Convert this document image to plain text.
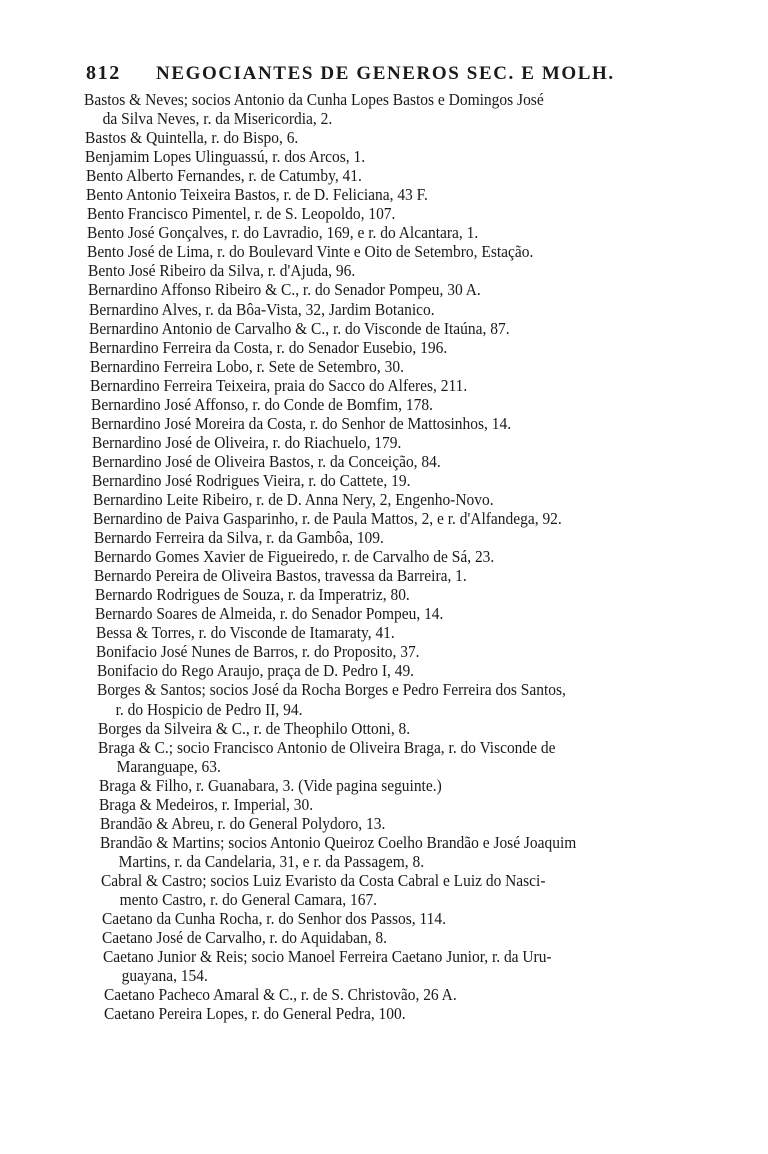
812 NEGOCIANTES DE GENEROS SEC. E MOLH.
Bastos & Neves; socios Antonio da Cunha Lopes Bastos e Domingos José

da Silva Neves, r. da Misericordia, 2.
Bastos & Quintella, r. do Bispo, 6.
Benjamim Lopes Ulinguassú, r. dos Arcos, 1.
Bento Alberto Fernandes, r. de Catumby, 41.
Bento Antonio Teixeira Bastos, r. de D. Feliciana, 43 F.
Bento Francisco Pimentel, r. de S. Leopoldo, 107.
Bento José Gonçalves, r. do Lavradio, 169, e r. do Alcantara, 1.
Bento José de Lima, r. do Boulevard Vinte e Oito de Setembro, Estação.
Bento José Ribeiro da Silva, r. d'Ajuda, 96.
Bernardino Affonso Ribeiro & C., r. do Senador Pompeu, 30 A.
Bernardino Alves, r. da Bôa-Vista, 32, Jardim Botanico.
Bernardino Antonio de Carvalho & C., r. do Visconde de Itaúna, 87.
Bernardino Ferreira da Costa, r. do Senador Eusebio, 196.
Bernardino Ferreira Lobo, r. Sete de Setembro, 30.
Bernardino Ferreira Teixeira, praia do Sacco do Alferes, 211.
Bernardino José Affonso, r. do Conde de Bomfim, 178.
Bernardino José Moreira da Costa, r. do Senhor de Mattosinhos, 14.
Bernardino José de Oliveira, r. do Riachuelo, 179.
Bernardino José de Oliveira Bastos, r. da Conceição, 84.
Bernardino José Rodrigues Vieira, r. do Cattete, 19.
Bernardino Leite Ribeiro, r. de D. Anna Nery, 2, Engenho-Novo.
Bernardino de Paiva Gasparinho, r. de Paula Mattos, 2, e r. d'Alfandega, 92.
Bernardo Ferreira da Silva, r. da Gambôa, 109.
Bernardo Gomes Xavier de Figueiredo, r. de Carvalho de Sá, 23.
Bernardo Pereira de Oliveira Bastos, travessa da Barreira, 1.
Bernardo Rodrigues de Souza, r. da Imperatriz, 80.
Bernardo Soares de Almeida, r. do Senador Pompeu, 14.
Bessa & Torres, r. do Visconde de Itamaraty, 41.
Bonifacio José Nunes de Barros, r. do Proposito, 37.
Bonifacio do Rego Araujo, praça de D. Pedro I, 49.
Borges & Santos; socios José da Rocha Borges e Pedro Ferreira dos Santos,

r. do Hospicio de Pedro II, 94.
Borges da Silveira & C., r. de Theophilo Ottoni, 8.
Braga & C.; socio Francisco Antonio de Oliveira Braga, r. do Visconde de

Maranguape, 63.
Braga & Filho, r. Guanabara, 3. (Vide pagina seguinte.)
Braga & Medeiros, r. Imperial, 30.
Brandão & Abreu, r. do General Polydoro, 13.
Brandão & Martins; socios Antonio Queiroz Coelho Brandão e José Joaquim

Martins, r. da Candelaria, 31, e r. da Passagem, 8.
Cabral & Castro; socios Luiz Evaristo da Costa Cabral e Luiz do Nasci-

mento Castro, r. do General Camara, 167.
Caetano da Cunha Rocha, r. do Senhor dos Passos, 114.
Caetano José de Carvalho, r. do Aquidaban, 8.
Caetano Junior & Reis; socio Manoel Ferreira Caetano Junior, r. da Uru-

guayana, 154.
Caetano Pacheco Amaral & C., r. de S. Christovão, 26 A.
Caetano Pereira Lopes, r. do General Pedra, 100.
